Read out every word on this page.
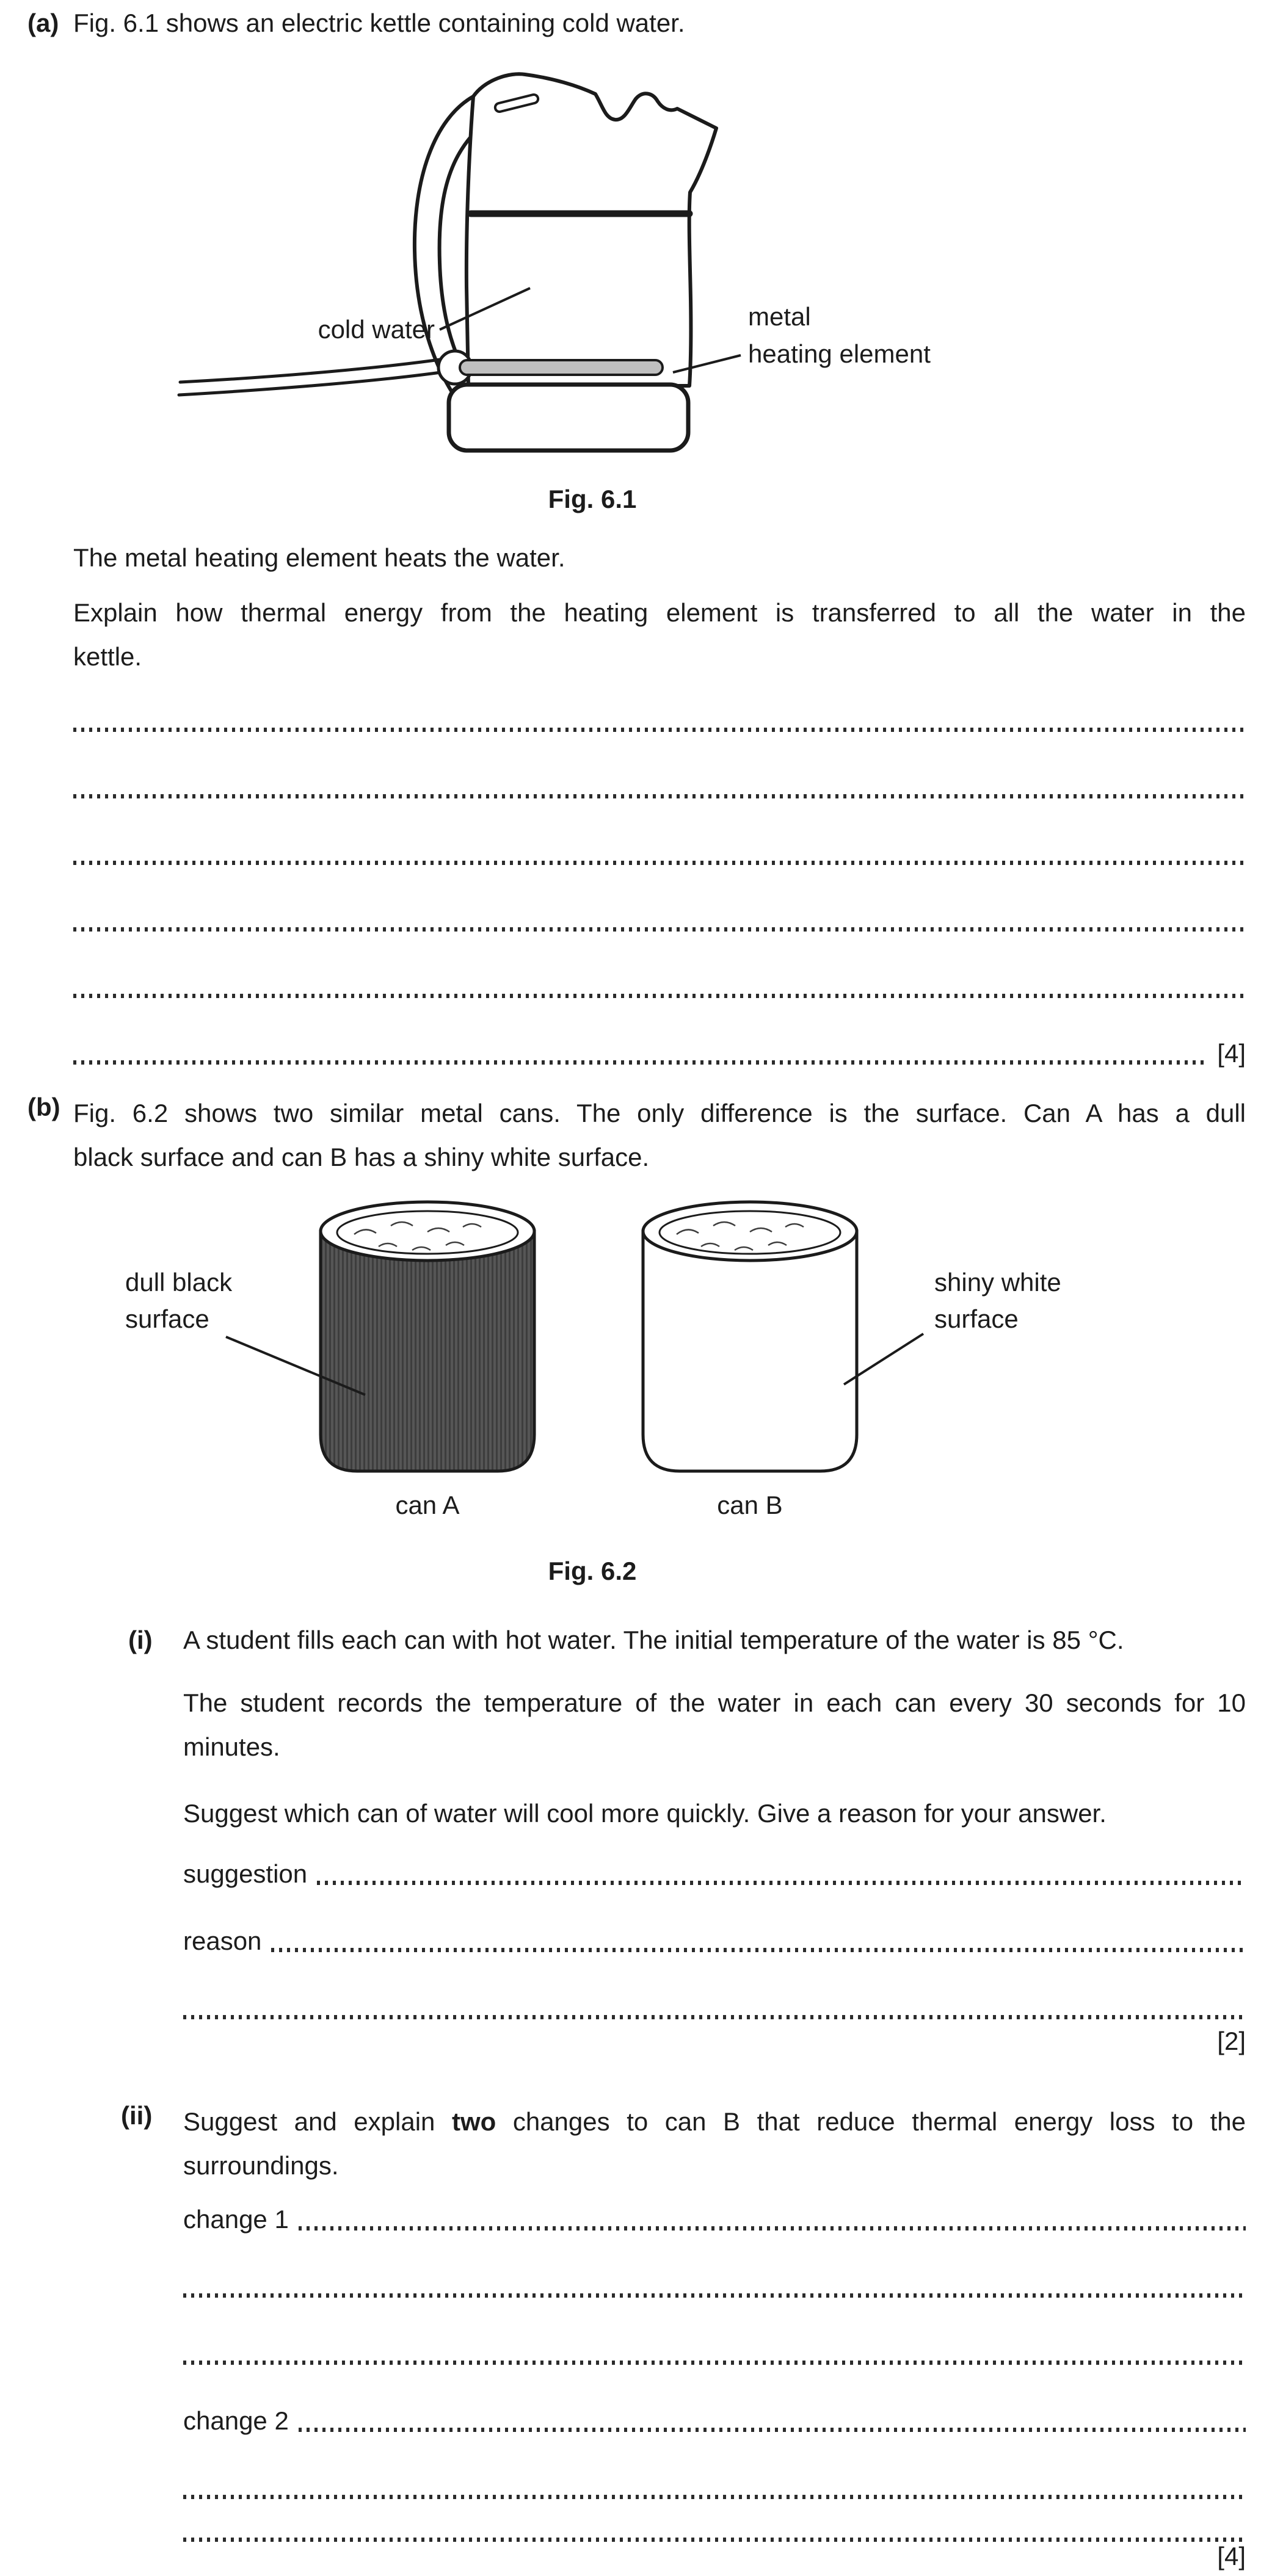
(a) Fig. 6.1 shows an electric kettle containing cold water.
cold water	metal
heating element
Fig. 6.1
The metal heating element heats the water.
Explain how thermal energy from the heating element is transferred to all the water in the
kettle.
[4]
(b) Fig. 6.2 shows two similar metal cans. The only difference is the surface. Can A has a dull
black surface and can B has a shiny white surface.
dull black
surface
shiny white
surface
can A	can B
Fig. 6.2
(i) A student fills each can with hot water. The initial temperature of the water is 85 °C.
The student records the temperature of the water in each can every 30 seconds for 10
minutes.
Suggest which can of water will cool more quickly. Give a reason for your answer.
suggestion
reason
[2]
(ii) Suggest and explain two changes to can B that reduce thermal energy loss to the
surroundings.
change 1
change 2
[4]
